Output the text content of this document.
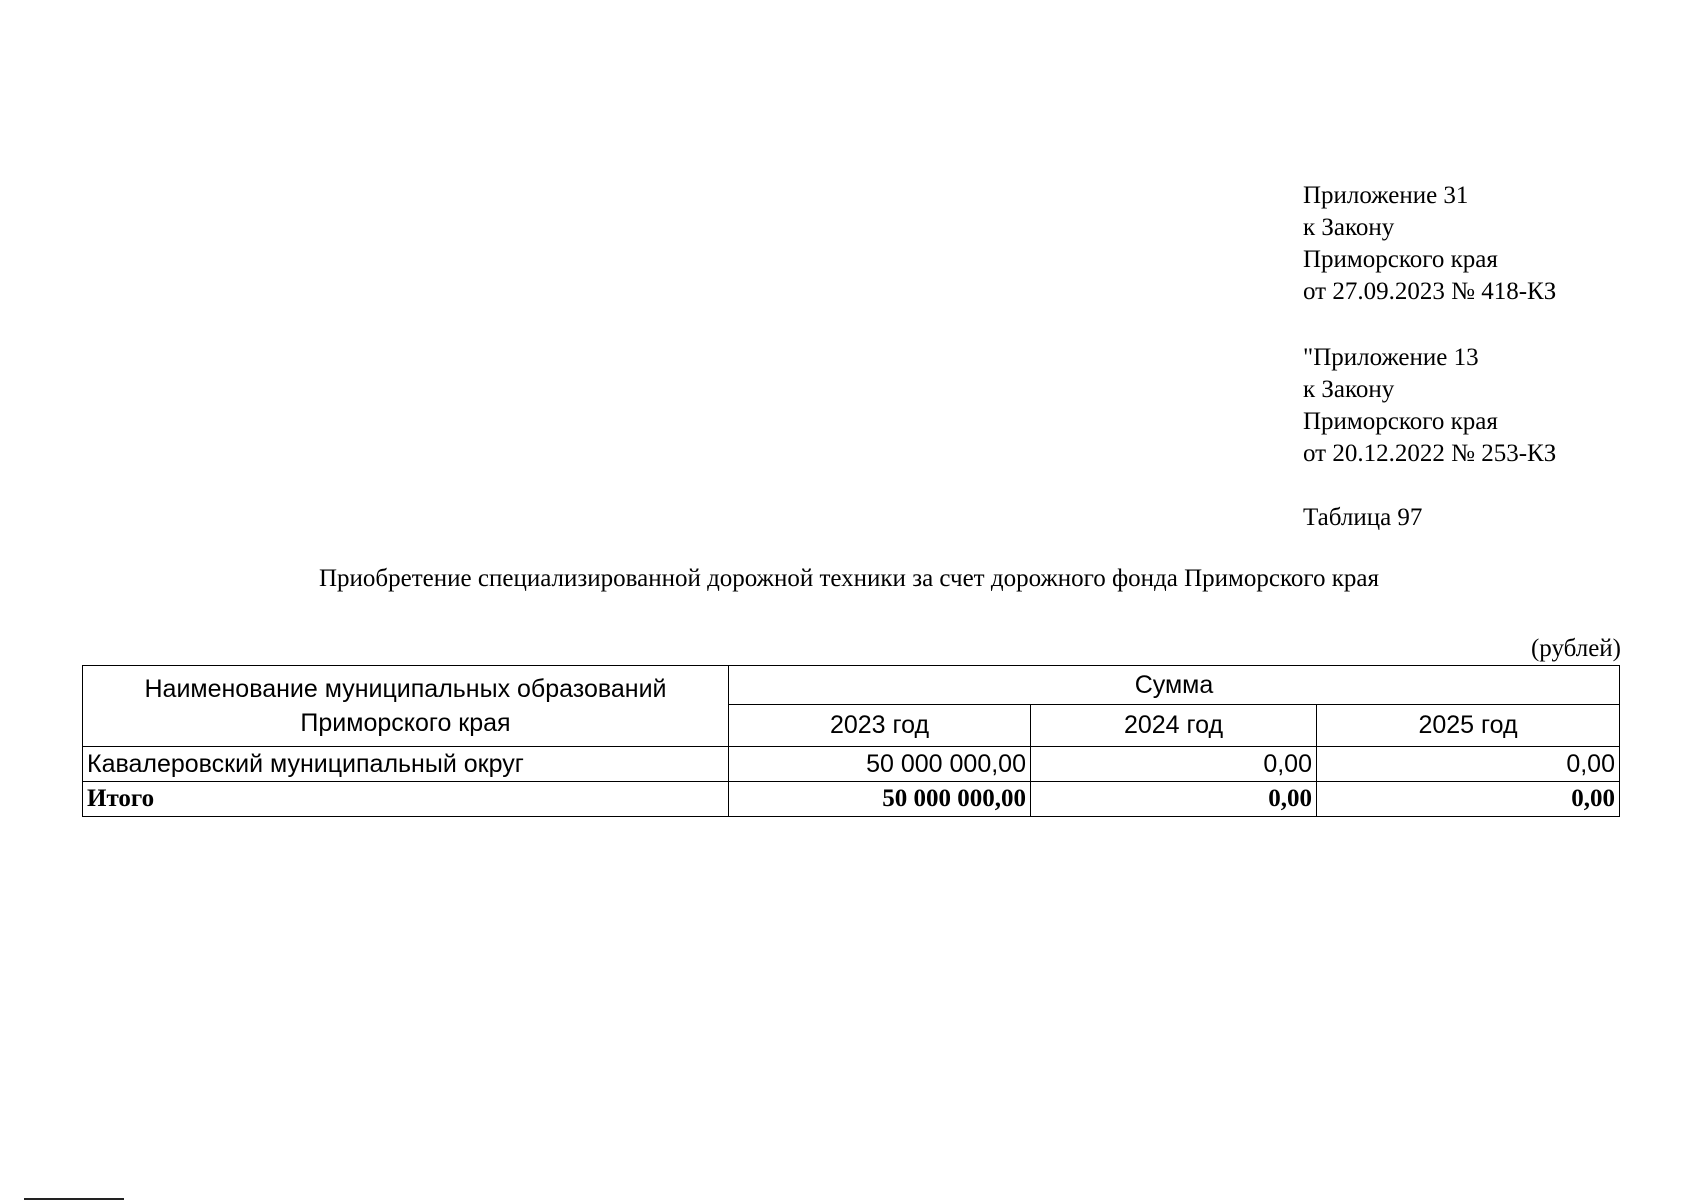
Приложение 31
к Закону
Приморского края
от 27.09.2023 № 418-КЗ
"Приложение 13
к Закону
Приморского края
от 20.12.2022 № 253-КЗ
Таблица 97
Приобретение специализированной дорожной техники за счет дорожного фонда Приморского края
(рублей)
Наименование муниципальных образований
Приморского края	Сумма		
	2023 год	2024 год	2025 год
Кавалеровский муниципальный округ	50 000 000,00	0,00	0,00
Итого	50 000 000,00	0,00	0,00
